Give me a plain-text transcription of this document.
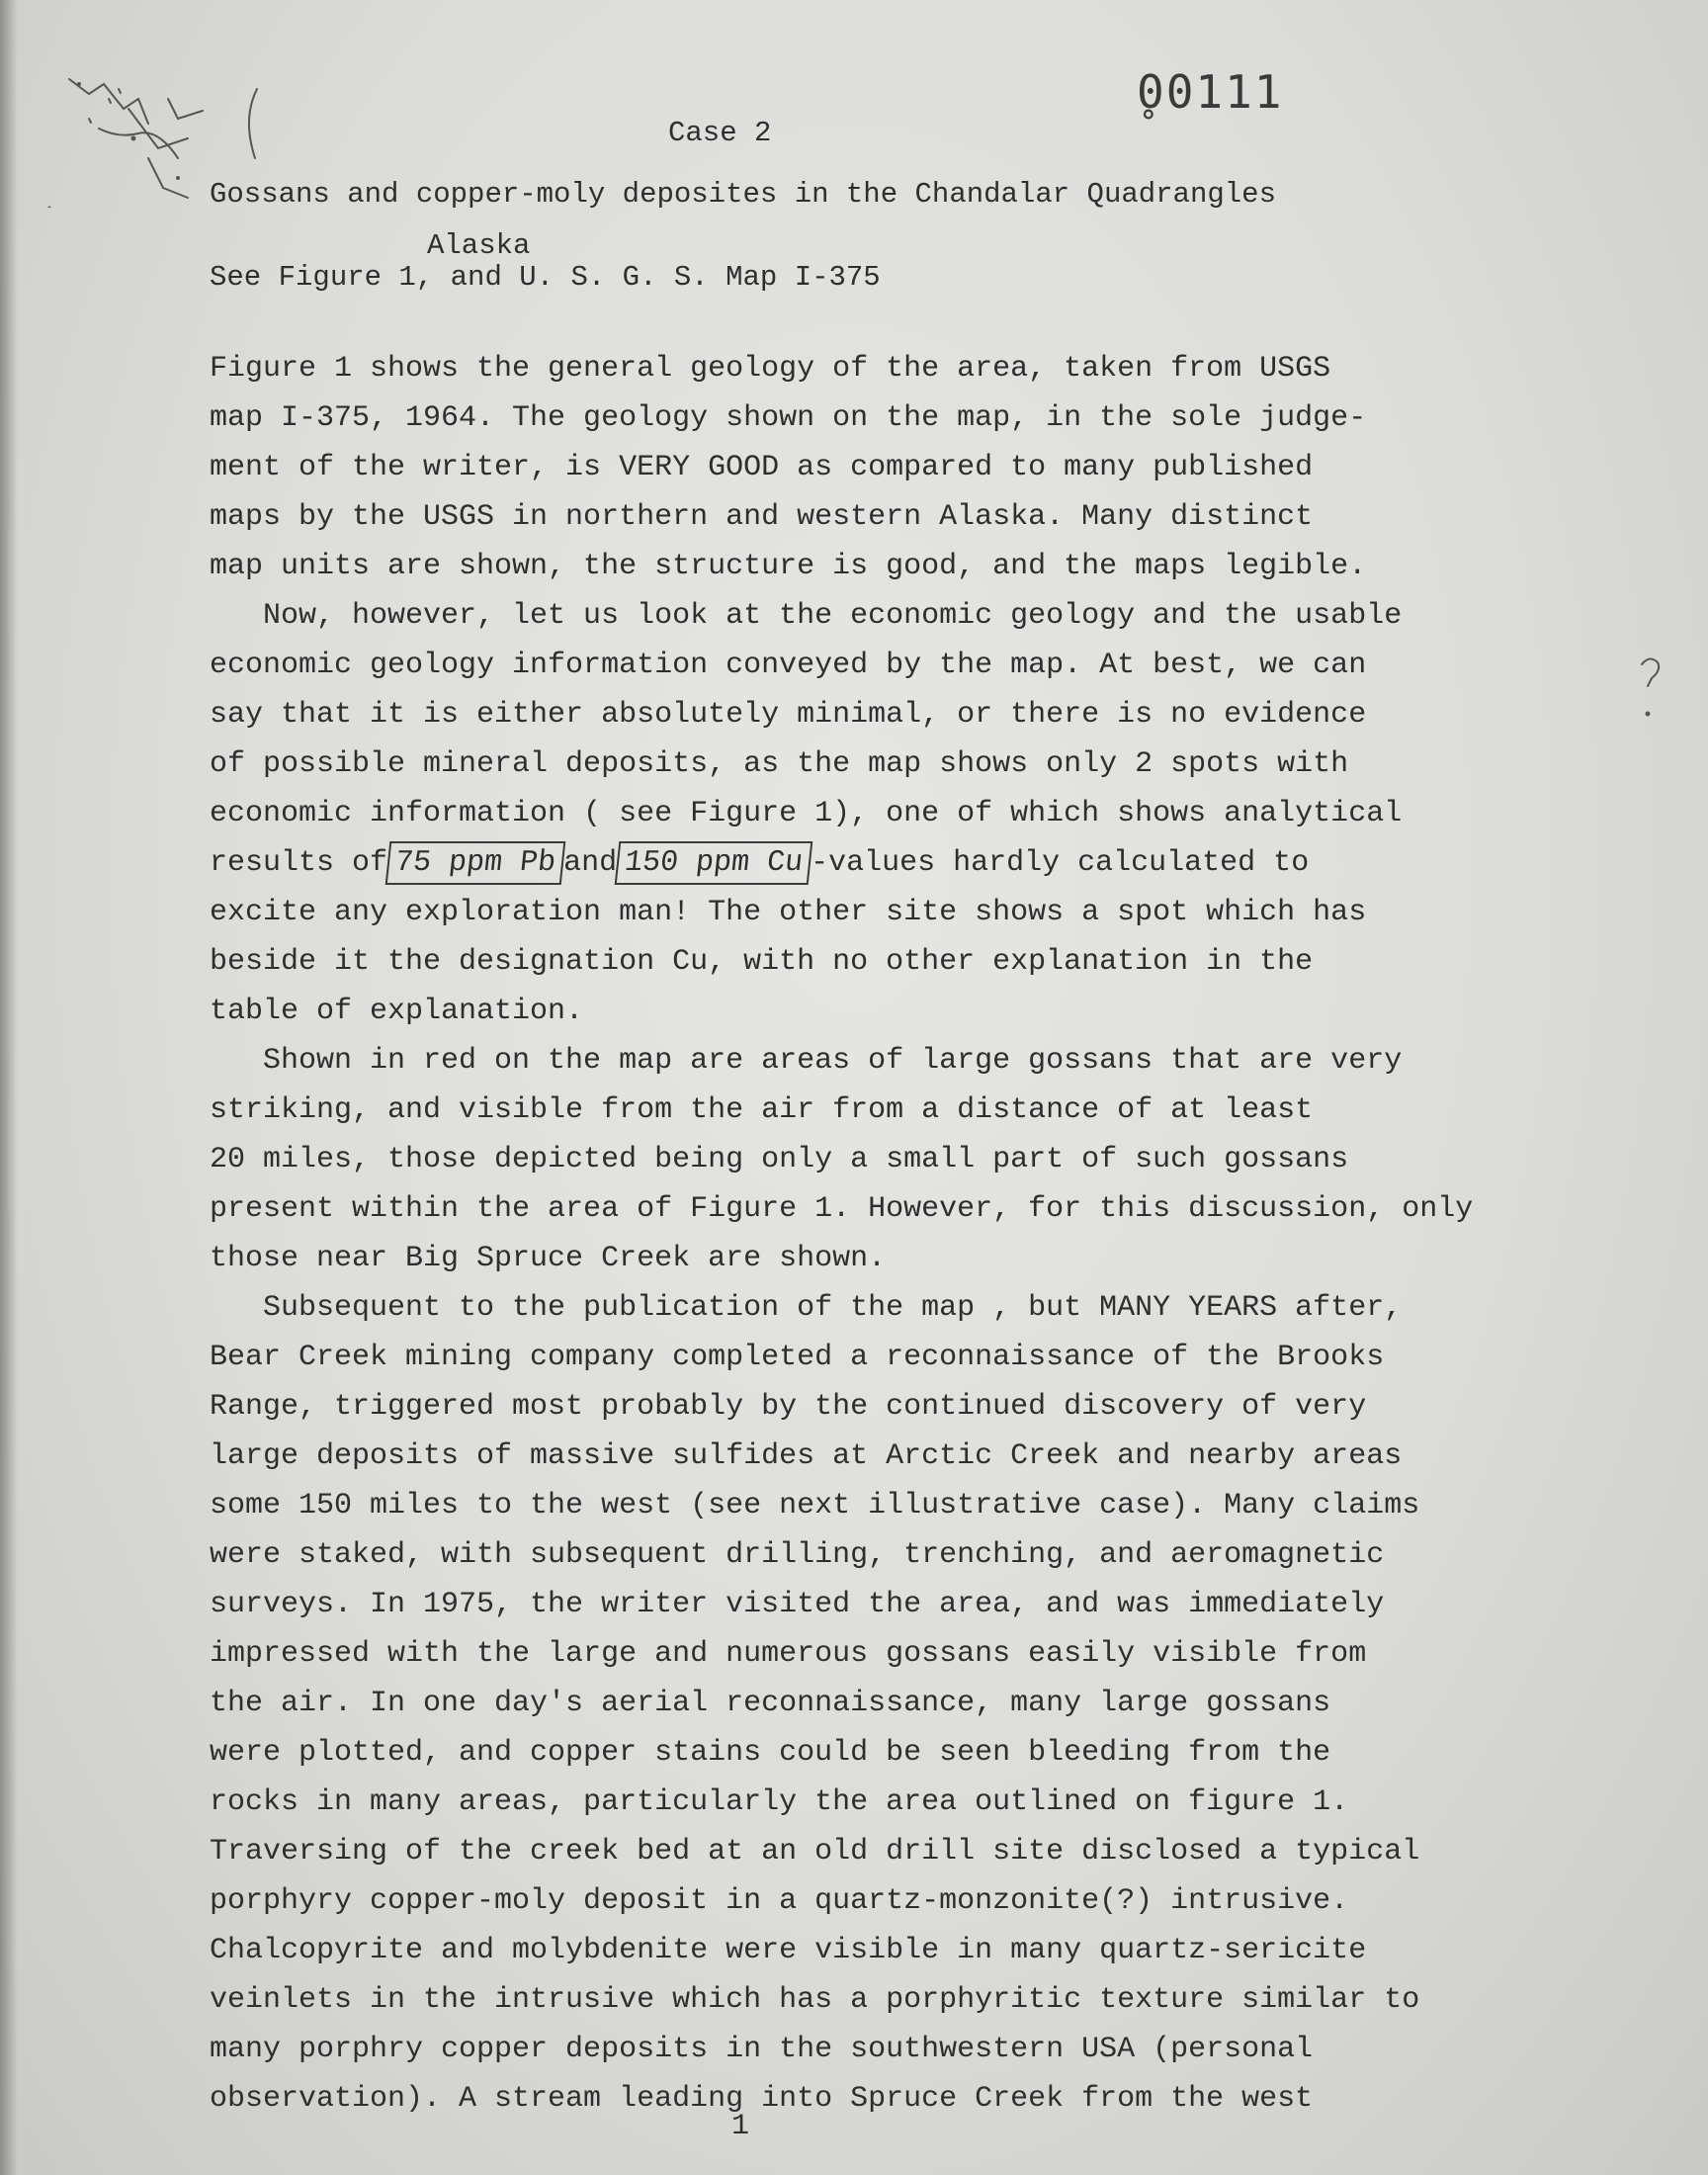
̥00111
Case 2
Gossans and copper-moly deposites in the Chandalar Quadrangles
Alaska
See Figure 1, and U. S. G. S. Map I-375
Figure 1 shows the general geology of the area, taken from USGS
map I-375, 1964. The geology shown on the map, in the sole judge-
ment of the writer, is VERY GOOD as compared to many published
maps by the USGS in northern and western Alaska. Many distinct
map units are shown, the structure is good, and the maps legible.
Now, however, let us look at the economic geology and the usable
economic geology information conveyed by the map. At best, we can
say that it is either absolutely minimal, or there is no evidence
of possible mineral deposits, as the map shows only 2 spots with
economic information ( see Figure 1), one of which shows analytical
results of 75 ppm Pb and 150 ppm Cu -values hardly calculated to
excite any exploration man! The other site shows a spot which has
beside it the designation Cu, with no other explanation in the
table of explanation.
Shown in red on the map are areas of large gossans that are very
striking, and visible from the air from a distance of at least
20 miles, those depicted being only a small part of such gossans
present within the area of Figure 1. However, for this discussion, only
those near Big Spruce Creek are shown.
Subsequent to the publication of the map , but MANY YEARS after,
Bear Creek mining company completed a reconnaissance of the Brooks
Range, triggered most probably by the continued discovery of very
large deposits of massive sulfides at Arctic Creek and nearby areas
some 150 miles to the west (see next illustrative case). Many claims
were staked, with subsequent drilling, trenching, and aeromagnetic
surveys. In 1975, the writer visited the area, and was immediately
impressed with the large and numerous gossans easily visible from
the air. In one day's aerial reconnaissance, many large gossans
were plotted, and copper stains could be seen bleeding from the
rocks in many areas, particularly the area outlined on figure 1.
Traversing of the creek bed at an old drill site disclosed a typical
porphyry copper-moly deposit in a quartz-monzonite(?) intrusive.
Chalcopyrite and molybdenite were visible in many quartz-sericite
veinlets in the intrusive which has a porphyritic texture similar to
many porphry copper deposits in the southwestern USA (personal
observation). A stream leading into Spruce Creek from the west
1
